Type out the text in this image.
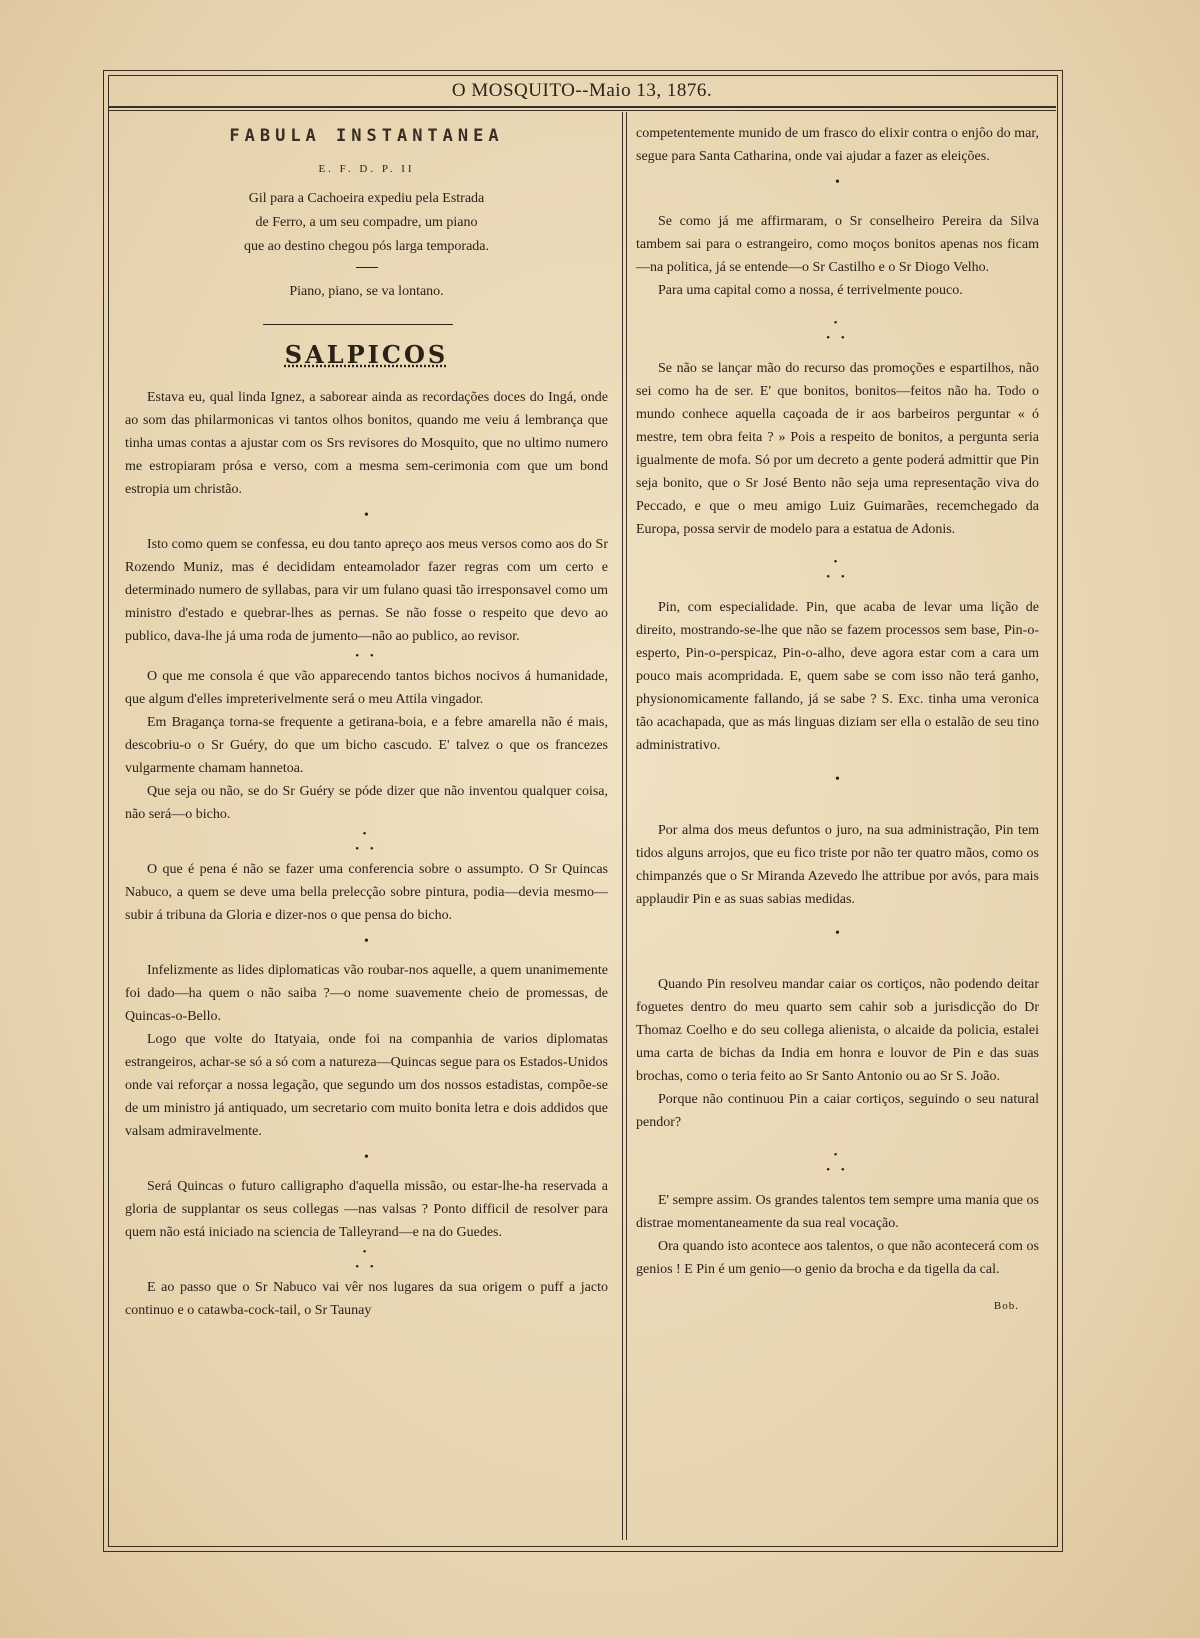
O MOSQUITO--Maio 13, 1876.
FABULA INSTANTANEA
E. F. D. P. II
Gil para a Cachoeira expediu pela Estrada
de Ferro, a um seu compadre, um piano
que ao destino chegou pós larga temporada.
Piano, piano, se va lontano.
SALPICOS

Estava eu, qual linda Ignez, a saborear ainda as recordações doces do Ingá, onde ao som das philarmonicas vi tantos olhos bonitos, quando me veiu á lembrança que tinha umas contas a ajustar com os Srs revisores do Mosquito, que no ultimo numero me estropiaram prósa e verso, com a mesma sem-cerimonia com que um bond estropia um christão.

•

Isto como quem se confessa, eu dou tanto apreço aos meus versos como aos do Sr Rozendo Muniz, mas é decididam enteamolador fazer regras com um certo e determinado numero de syllabas, para vir um fulano quasi tão irresponsavel como um ministro d'estado e quebrar-lhes as pernas. Se não fosse o respeito que devo ao publico, dava-lhe já uma roda de jumento—não ao publico, ao revisor.

• •

O que me consola é que vão apparecendo tantos bichos nocivos á humanidade, que algum d'elles impreterivelmente será o meu Attila vingador.

Em Bragança torna-se frequente a getirana-boia, e a febre amarella não é mais, descobriu-o o Sr Guéry, do que um bicho cascudo. E' talvez o que os francezes vulgarmente chamam hannetoa.

Que seja ou não, se do Sr Guéry se póde dizer que não inventou qualquer coisa, não será—o bicho.

•
• •

O que é pena é não se fazer uma conferencia sobre o assumpto. O Sr Quincas Nabuco, a quem se deve uma bella prelecção sobre pintura, podia—devia mesmo—subir á tribuna da Gloria e dizer-nos o que pensa do bicho.

•

Infelizmente as lides diplomaticas vão roubar-nos aquelle, a quem unanimemente foi dado—ha quem o não saiba ?—o nome suavemente cheio de promessas, de Quincas-o-Bello.

Logo que volte do Itatyaia, onde foi na companhia de varios diplomatas estrangeiros, achar-se só a só com a natureza—Quincas segue para os Estados-Unidos onde vai reforçar a nossa legação, que segundo um dos nossos estadistas, compõe-se de um ministro já antiquado, um secretario com muito bonita letra e dois addidos que valsam admiravelmente.

•

Será Quincas o futuro calligrapho d'aquella missão, ou estar-lhe-ha reservada a gloria de supplantar os seus collegas —nas valsas ? Ponto difficil de resolver para quem não está iniciado na sciencia de Talleyrand—e na do Guedes.

•
• •

E ao passo que o Sr Nabuco vai vêr nos lugares da sua origem o puff a jacto continuo e o catawba-cock-tail, o Sr Taunay

competentemente munido de um frasco do elixir contra o enjôo do mar, segue para Santa Catharina, onde vai ajudar a fazer as eleições.

•

Se como já me affirmaram, o Sr conselheiro Pereira da Silva tambem sai para o estrangeiro, como moços bonitos apenas nos ficam—na politica, já se entende—o Sr Castilho e o Sr Diogo Velho.

Para uma capital como a nossa, é terrivelmente pouco.

•
• •

Se não se lançar mão do recurso das promoções e espartilhos, não sei como ha de ser. E' que bonitos, bonitos—feitos não ha. Todo o mundo conhece aquella caçoada de ir aos barbeiros perguntar « ó mestre, tem obra feita ? » Pois a respeito de bonitos, a pergunta seria igualmente de mofa. Só por um decreto a gente poderá admittir que Pin seja bonito, que o Sr José Bento não seja uma representação viva do Peccado, e que o meu amigo Luiz Guimarães, recemchegado da Europa, possa servir de modelo para a estatua de Adonis.

•
• •

Pin, com especialidade. Pin, que acaba de levar uma lição de direito, mostrando-se-lhe que não se fazem processos sem base, Pin-o-esperto, Pin-o-perspicaz, Pin-o-alho, deve agora estar com a cara um pouco mais acompridada. E, quem sabe se com isso não terá ganho, physionomicamente fallando, já se sabe ? S. Exc. tinha uma veronica tão acachapada, que as más linguas diziam ser ella o estalão de seu tino administrativo.

•

Por alma dos meus defuntos o juro, na sua administração, Pin tem tidos alguns arrojos, que eu fico triste por não ter quatro mãos, como os chimpanzés que o Sr Miranda Azevedo lhe attribue por avós, para mais applaudir Pin e as suas sabias medidas.

•

Quando Pin resolveu mandar caiar os cortiços, não podendo deitar foguetes dentro do meu quarto sem cahir sob a jurisdicção do Dr Thomaz Coelho e do seu collega alienista, o alcaide da policia, estalei uma carta de bichas da India em honra e louvor de Pin e das suas brochas, como o teria feito ao Sr Santo Antonio ou ao Sr S. João.

Porque não continuou Pin a caiar cortiços, seguindo o seu natural pendor?

•
• •

E' sempre assim. Os grandes talentos tem sempre uma mania que os distrae momentaneamente da sua real vocação.

Ora quando isto acontece aos talentos, o que não acontecerá com os genios ! E Pin é um genio—o genio da brocha e da tigella da cal.

Bob.
